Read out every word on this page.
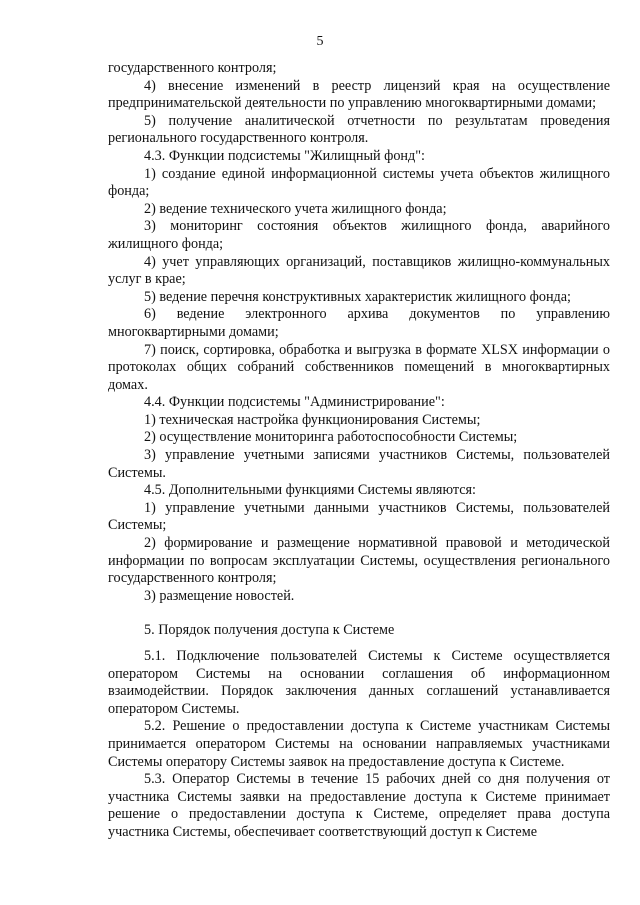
5

государственного контроля;

4) внесение изменений в реестр лицензий края на осуществление предпринимательской деятельности по управлению многоквартирными домами;

5) получение аналитической отчетности по результатам проведения регионального государственного контроля.

4.3. Функции подсистемы "Жилищный фонд":

1) создание единой информационной системы учета объектов жилищного фонда;

2) ведение технического учета жилищного фонда;

3) мониторинг состояния объектов жилищного фонда, аварийного жилищного фонда;

4) учет управляющих организаций, поставщиков жилищно-коммунальных услуг в крае;

5) ведение перечня конструктивных характеристик жилищного фонда;

6) ведение электронного архива документов по управлению многоквартирными домами;

7) поиск, сортировка, обработка и выгрузка в формате XLSX информации о протоколах общих собраний собственников помещений в многоквартирных домах.

4.4. Функции подсистемы "Администрирование":

1) техническая настройка функционирования Системы;

2) осуществление мониторинга работоспособности Системы;

3) управление учетными записями участников Системы, пользователей Системы.

4.5. Дополнительными функциями Системы являются:

1) управление учетными данными участников Системы, пользователей Системы;

2) формирование и размещение нормативной правовой и методической информации по вопросам эксплуатации Системы, осуществления регионального государственного контроля;

3) размещение новостей.

5. Порядок получения доступа к Системе

5.1. Подключение пользователей Системы к Системе осуществляется оператором Системы на основании соглашения об информационном взаимодействии. Порядок заключения данных соглашений устанавливается оператором Системы.

5.2. Решение о предоставлении доступа к Системе участникам Системы принимается оператором Системы на основании направляемых участниками Системы оператору Системы заявок на предоставление доступа к Системе.

5.3. Оператор Системы в течение 15 рабочих дней со дня получения от участника Системы заявки на предоставление доступа к Системе принимает решение о предоставлении доступа к Системе, определяет права доступа участника Системы, обеспечивает соответствующий доступ к Системе
